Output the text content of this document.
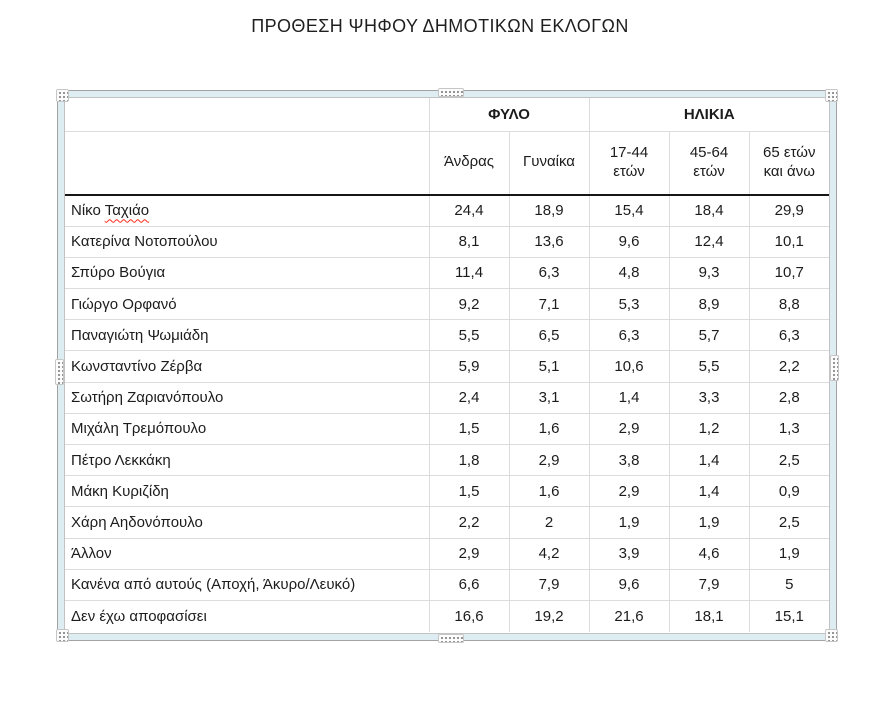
ΠΡΟΘΕΣΗ ΨΗΦΟΥ ΔΗΜΟΤΙΚΩΝ ΕΚΛΟΓΩΝ
	ΦΥΛΟ		ΗΛΙΚΙΑ		
	Άνδρας	Γυναίκα	17-44 ετών	45-64 ετών	65 ετών και άνω
Νίκο Ταχιάο	24,4	18,9	15,4	18,4	29,9
Κατερίνα Νοτοπούλου	8,1	13,6	9,6	12,4	10,1
Σπύρο Βούγια	11,4	6,3	4,8	9,3	10,7
Γιώργο Ορφανό	9,2	7,1	5,3	8,9	8,8
Παναγιώτη Ψωμιάδη	5,5	6,5	6,3	5,7	6,3
Κωνσταντίνο Ζέρβα	5,9	5,1	10,6	5,5	2,2
Σωτήρη Ζαριανόπουλο	2,4	3,1	1,4	3,3	2,8
Μιχάλη Τρεμόπουλο	1,5	1,6	2,9	1,2	1,3
Πέτρο Λεκκάκη	1,8	2,9	3,8	1,4	2,5
Μάκη Κυριζίδη	1,5	1,6	2,9	1,4	0,9
Χάρη Αηδονόπουλο	2,2	2	1,9	1,9	2,5
Άλλον	2,9	4,2	3,9	4,6	1,9
Κανένα από αυτούς (Αποχή, Άκυρο/Λευκό)	6,6	7,9	9,6	7,9	5
Δεν έχω αποφασίσει	16,6	19,2	21,6	18,1	15,1
